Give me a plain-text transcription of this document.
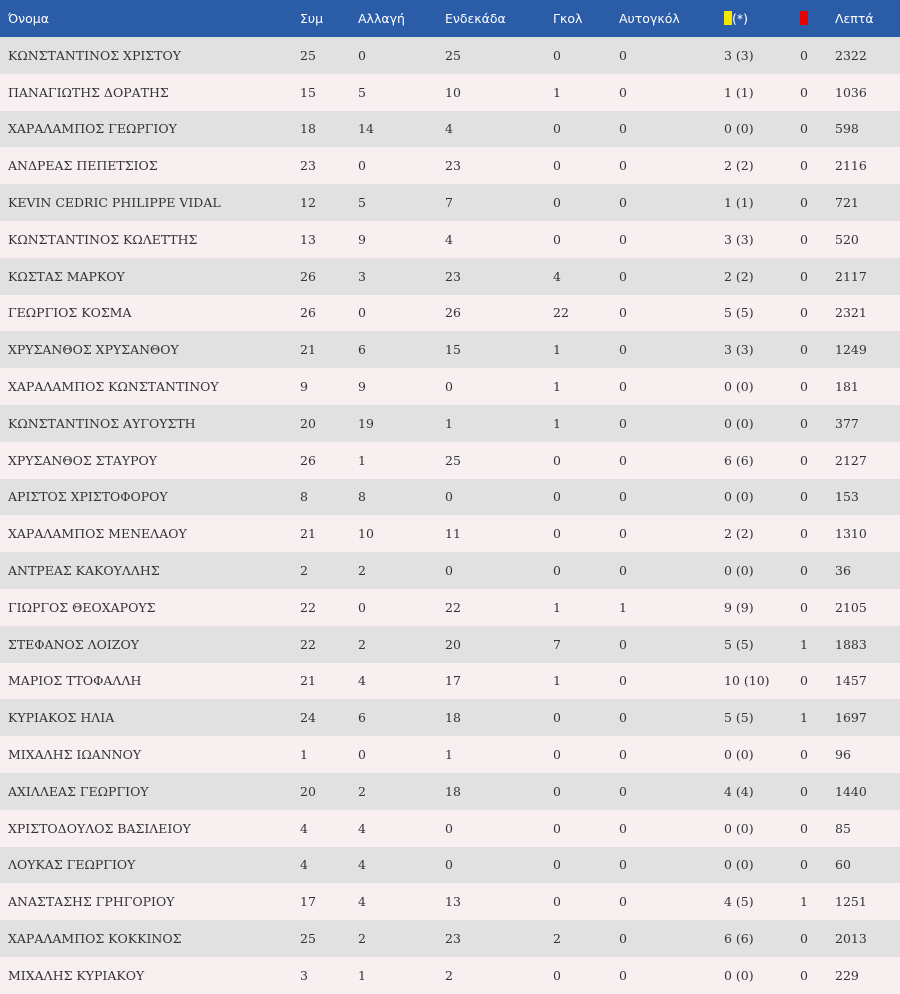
Όνομα	Συμ	Αλλαγή	Ενδεκάδα	Γκολ	Αυτογκόλ	(*)		Λεπτά
ΚΩΝΣΤΑΝΤΙΝΟΣ ΧΡΙΣΤΟΥ	25	0	25	0	0	3 (3)	0	2322
ΠΑΝΑΓΙΩΤΗΣ ΔΟΡΑΤΗΣ	15	5	10	1	0	1 (1)	0	1036
ΧΑΡΑΛΑΜΠΟΣ ΓΕΩΡΓΙΟΥ	18	14	4	0	0	0 (0)	0	598
ΑΝΔΡΕΑΣ ΠΕΠΕΤΣΙΟΣ	23	0	23	0	0	2 (2)	0	2116
KEVIN CEDRIC PHILIPPE VIDAL	12	5	7	0	0	1 (1)	0	721
ΚΩΝΣΤΑΝΤΙΝΟΣ ΚΩΛΕΤΤΗΣ	13	9	4	0	0	3 (3)	0	520
ΚΩΣΤΑΣ ΜΑΡΚΟΥ	26	3	23	4	0	2 (2)	0	2117
ΓΕΩΡΓΙΟΣ ΚΟΣΜΑ	26	0	26	22	0	5 (5)	0	2321
ΧΡΥΣΑΝΘΟΣ ΧΡΥΣΑΝΘΟΥ	21	6	15	1	0	3 (3)	0	1249
ΧΑΡΑΛΑΜΠΟΣ ΚΩΝΣΤΑΝΤΙΝΟΥ	9	9	0	1	0	0 (0)	0	181
ΚΩΝΣΤΑΝΤΙΝΟΣ ΑΥΓΟΥΣΤΗ	20	19	1	1	0	0 (0)	0	377
ΧΡΥΣΑΝΘΟΣ ΣΤΑΥΡΟΥ	26	1	25	0	0	6 (6)	0	2127
ΑΡΙΣΤΟΣ ΧΡΙΣΤΟΦΟΡΟΥ	8	8	0	0	0	0 (0)	0	153
ΧΑΡΑΛΑΜΠΟΣ ΜΕΝΕΛΑΟΥ	21	10	11	0	0	2 (2)	0	1310
ΑΝΤΡΕΑΣ ΚΑΚΟΥΛΛΗΣ	2	2	0	0	0	0 (0)	0	36
ΓΙΩΡΓΟΣ ΘΕΟΧΑΡΟΥΣ	22	0	22	1	1	9 (9)	0	2105
ΣΤΕΦΑΝΟΣ ΛΟΙΖΟΥ	22	2	20	7	0	5 (5)	1	1883
ΜΑΡΙΟΣ ΤΤΟΦΑΛΛΗ	21	4	17	1	0	10 (10)	0	1457
ΚΥΡΙΑΚΟΣ ΗΛΙΑ	24	6	18	0	0	5 (5)	1	1697
ΜΙΧΑΛΗΣ ΙΩΑΝΝΟΥ	1	0	1	0	0	0 (0)	0	96
ΑΧΙΛΛΕΑΣ ΓΕΩΡΓΙΟΥ	20	2	18	0	0	4 (4)	0	1440
ΧΡΙΣΤΟΔΟΥΛΟΣ ΒΑΣΙΛΕΙΟΥ	4	4	0	0	0	0 (0)	0	85
ΛΟΥΚΑΣ ΓΕΩΡΓΙΟΥ	4	4	0	0	0	0 (0)	0	60
ΑΝΑΣΤΑΣΗΣ ΓΡΗΓΟΡΙΟΥ	17	4	13	0	0	4 (5)	1	1251
ΧΑΡΑΛΑΜΠΟΣ ΚΟΚΚΙΝΟΣ	25	2	23	2	0	6 (6)	0	2013
ΜΙΧΑΛΗΣ ΚΥΡΙΑΚΟΥ	3	1	2	0	0	0 (0)	0	229
